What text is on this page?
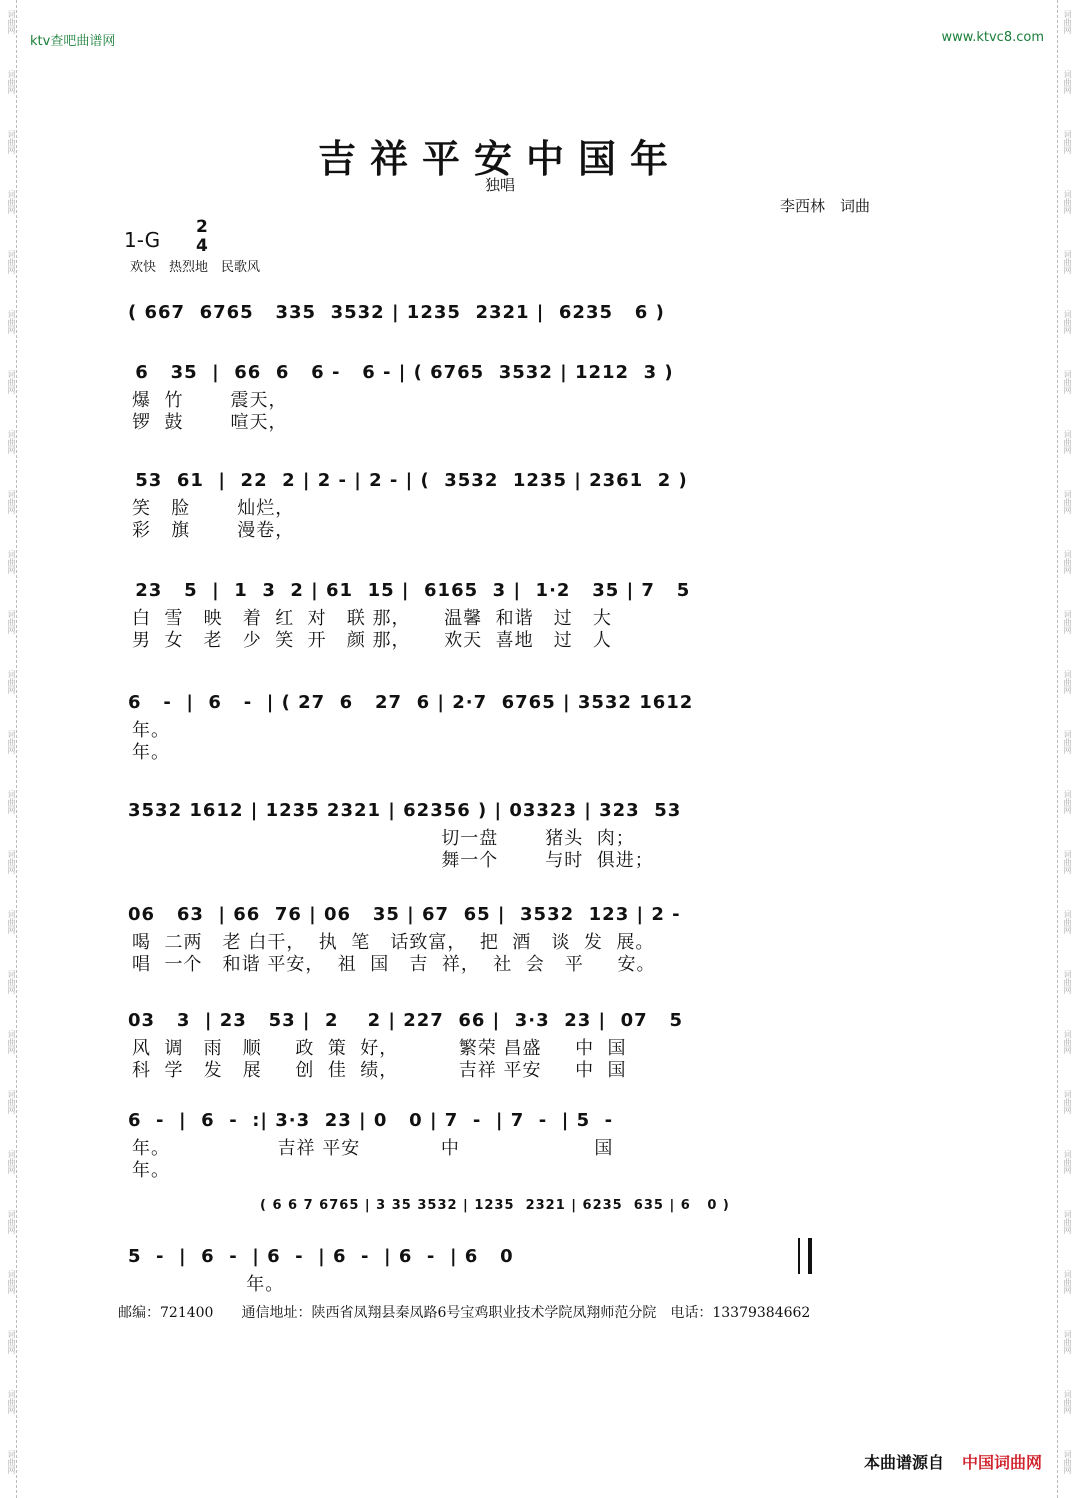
词曲网
词曲网
词曲网
词曲网
词曲网
词曲网
词曲网
词曲网
词曲网
词曲网
词曲网
词曲网
词曲网
词曲网
词曲网
词曲网
词曲网
词曲网
词曲网
词曲网
词曲网
词曲网
词曲网
词曲网
词曲网
词曲网
词曲网
词曲网
词曲网
词曲网
词曲网
词曲网
词曲网
词曲网
词曲网
词曲网
词曲网
词曲网
词曲网
词曲网
词曲网
词曲网
词曲网
词曲网
词曲网
词曲网
词曲网
词曲网
词曲网
词曲网
ktv查吧曲谱网	www.ktvc8.com
吉祥平安中国年
独唱
李西林　词曲
1-G
2
4
欢快　热烈地　民歌风
( 667  6765   335  3532 | 1235  2321 |  6235   6 )
6   35  |  66  6   6 -   6 - | ( 6765  3532 | 1212  3 )
爆  竹       震天，
锣  鼓       喧天，
53  61  |  22  2 | 2 - | 2 - | (  3532  1235 | 2361  2 )
笑   脸       灿烂，
彩   旗       漫卷，
23   5  |  1  3  2 | 61  15 |  6165  3 |  1·2   35 | 7   5
白  雪   映   着  红  对   联 那，     温馨  和谐   过   大
男  女   老   少  笑  开   颜 那，     欢天  喜地   过   人
6   -  |  6   -  | ( 27  6   27  6 | 2·7  6765 | 3532 1612
年。
年。
3532 1612 | 1235 2321 | 62356 ) | 03323 | 323  53
切一盘       猪头  肉；
舞一个       与时  俱进；
06   63  | 66  76 | 06   35 | 67  65 |  3532  123 | 2 -
喝  二两   老 白干，  执  笔   话致富，  把  酒   谈  发  展。
唱  一个   和谐 平安，  祖  国   吉  祥，  社  会   平     安。
03   3  | 23   53 |  2    2 | 227  66 |  3·3  23 |  07   5
风  调   雨   顺     政  策  好，         繁荣 昌盛     中  国
科  学   发   展     创  佳  绩，         吉祥 平安     中  国
6  -  |  6  -  :| 3·3  23 | 0   0 | 7  -  | 7  -  | 5  -
年。                吉祥 平安            中                    国
年。
( 6 6 7 6765 | 3 35 3532 | 1235  2321 | 6235  635 | 6   0 )
5  -  |  6  -  | 6  -  | 6  -  | 6  -  | 6   0
年。
邮编：721400　　通信地址：陕西省凤翔县秦凤路6号宝鸡职业技术学院凤翔师范分院　电话：13379384662
本曲谱源自 中国词曲网
